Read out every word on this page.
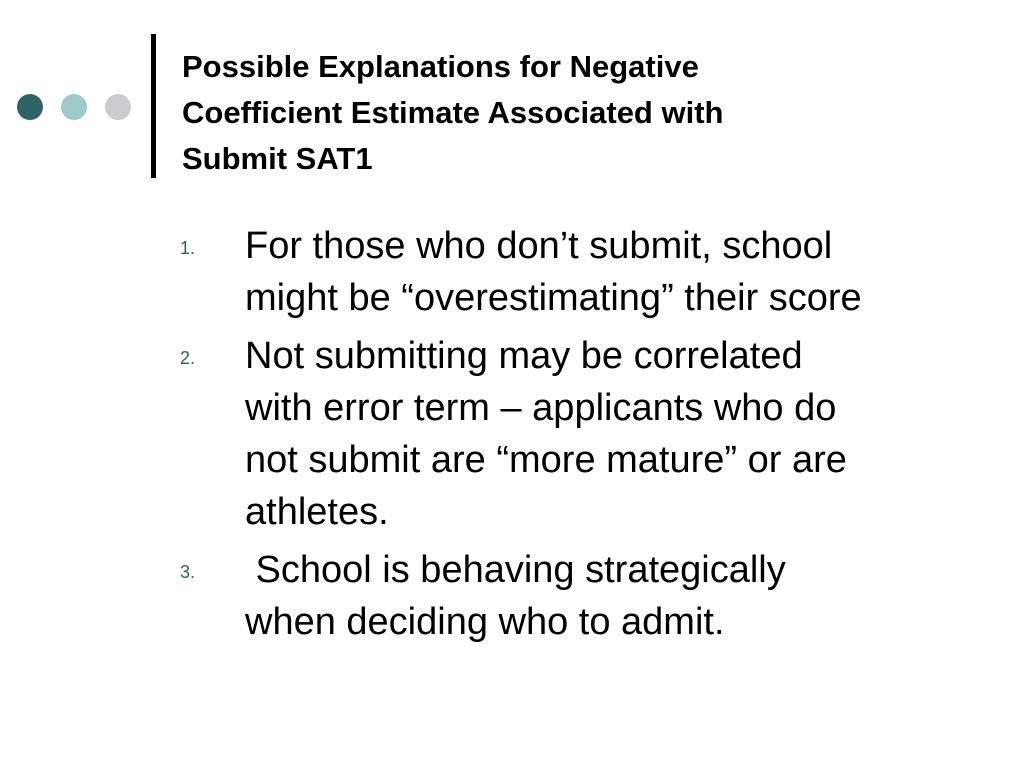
Possible Explanations for Negative
Coefficient Estimate Associated with
Submit SAT1
1. For those who don’t submit, school
might be “overestimating” their score
2. Not submitting may be correlated
with error term – applicants who do
not submit are “more mature” or are
athletes.
3. School is behaving strategically
when deciding who to admit.
